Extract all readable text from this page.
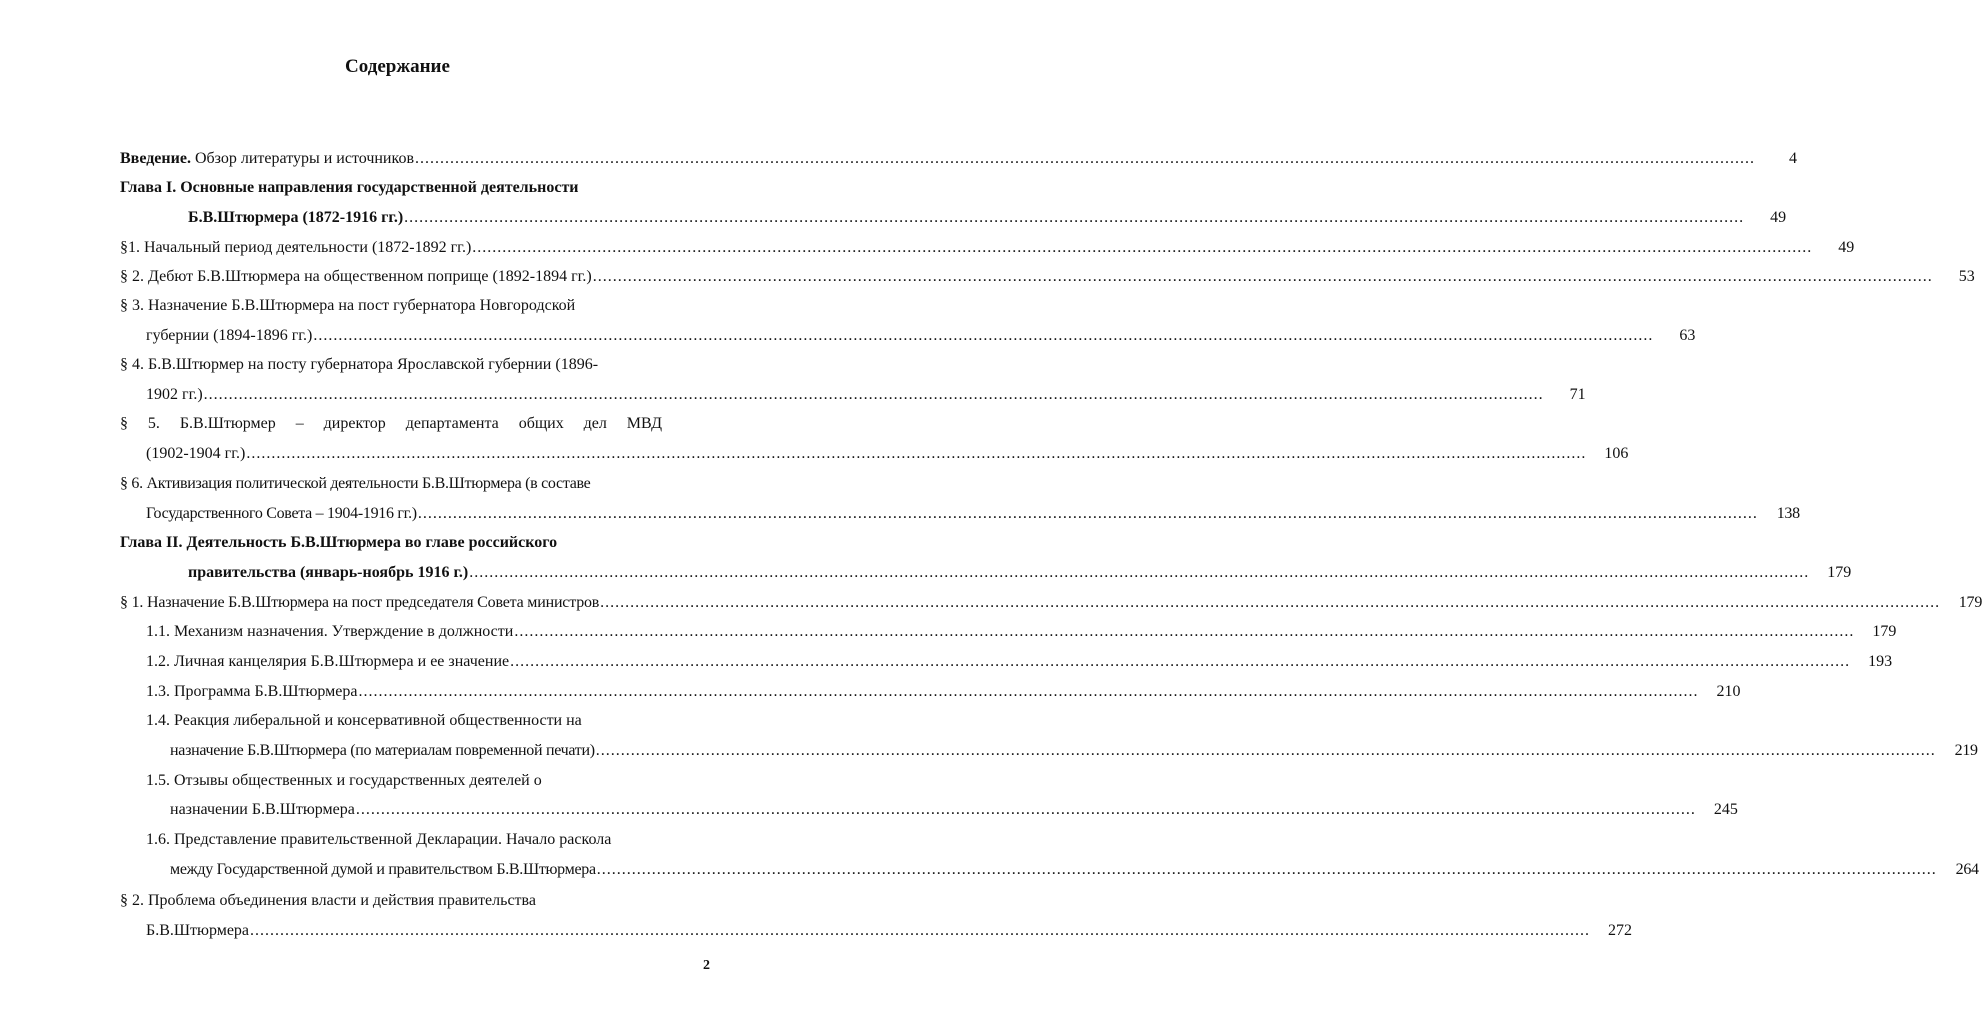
Содержание
Введение. Обзор литературы и источников ............................................................................................................................................................................................................................................................................	4
Глава I. Основные направления государственной деятельности
Б.В.Штюрмера (1872-1916 гг.) ............................................................................................................................................................................................................................................................................	49
§1. Начальный период деятельности (1872-1892 гг.) ............................................................................................................................................................................................................................................................................	49
§ 2. Дебют Б.В.Штюрмера на общественном поприще (1892-1894 гг.) ............................................................................................................................................................................................................................................................................	53
§ 3. Назначение Б.В.Штюрмера на пост губернатора Новгородской
губернии (1894-1896 гг.) ............................................................................................................................................................................................................................................................................	63
§ 4. Б.В.Штюрмер на посту губернатора Ярославской губернии (1896-
1902 гг.) ............................................................................................................................................................................................................................................................................	71
§ 5. Б.В.Штюрмер – директор департамента общих дел МВД
(1902-1904 гг.) ............................................................................................................................................................................................................................................................................	106
§ 6. Активизация политической деятельности Б.В.Штюрмера (в составе
Государственного Совета – 1904-1916 гг.) ............................................................................................................................................................................................................................................................................	138
Глава II. Деятельность Б.В.Штюрмера во главе российского
правительства (январь-ноябрь 1916 г.) ............................................................................................................................................................................................................................................................................	179
§ 1. Назначение Б.В.Штюрмера на пост председателя Совета министров ............................................................................................................................................................................................................................................................................	179
1.1. Механизм назначения. Утверждение в должности ............................................................................................................................................................................................................................................................................	179
1.2. Личная канцелярия Б.В.Штюрмера и ее значение ............................................................................................................................................................................................................................................................................	193
1.3. Программа Б.В.Штюрмера ............................................................................................................................................................................................................................................................................	210
1.4. Реакция либеральной и консервативной общественности на
назначение Б.В.Штюрмера (по материалам повременной печати) ............................................................................................................................................................................................................................................................................	219
1.5. Отзывы общественных и государственных деятелей о
назначении Б.В.Штюрмера ............................................................................................................................................................................................................................................................................	245
1.6. Представление правительственной Декларации. Начало раскола
между Государственной думой и правительством Б.В.Штюрмера ............................................................................................................................................................................................................................................................................	264
§ 2. Проблема объединения власти и действия правительства
Б.В.Штюрмера ............................................................................................................................................................................................................................................................................	272
2
